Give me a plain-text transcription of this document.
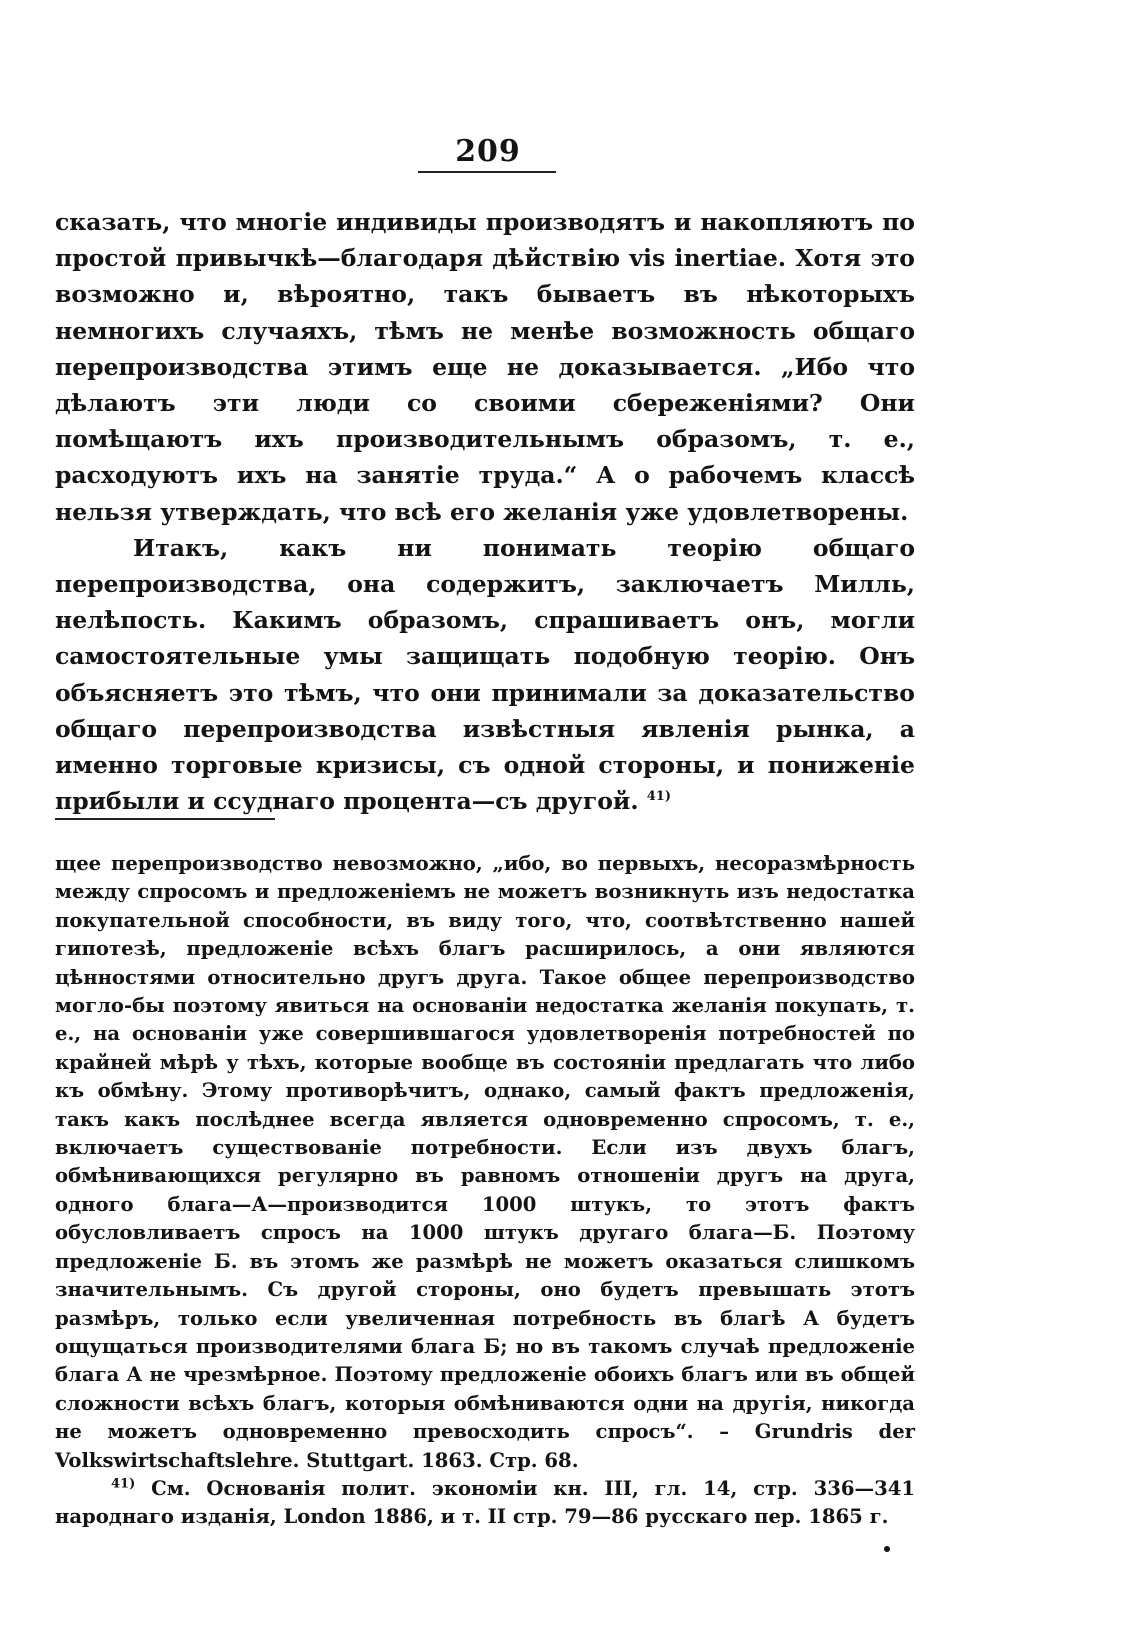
209

сказать, что многіе индивиды производятъ и накопляютъ по простой привычкѣ—благодаря дѣйствію vis inertiae. Хотя это возможно и, вѣроятно, такъ бываетъ въ нѣкоторыхъ немногихъ случаяхъ, тѣмъ не менѣе возможность общаго перепроизводства этимъ еще не доказывается. „Ибо что дѣлаютъ эти люди со своими сбереженіями? Они помѣщаютъ ихъ производительнымъ образомъ, т. е., расходуютъ ихъ на занятіе труда.“ А о рабочемъ классѣ нельзя утверждать, что всѣ его желанія уже удовлетворены.

Итакъ, какъ ни понимать теорію общаго перепроизводства, она содержитъ, заключаетъ Милль, нелѣпость. Какимъ образомъ, спрашиваетъ онъ, могли самостоятельные умы защищать подобную теорію. Онъ объясняетъ это тѣмъ, что они принимали за доказательство общаго перепроизводства извѣстныя явленія рынка, а именно торговые кризисы, съ одной стороны, и пониженіе прибыли и ссуднаго процента—съ другой. $^{41)}$

щее перепроизводство невозможно, „ибо, во первыхъ, несоразмѣрность между спросомъ и предложеніемъ не можетъ возникнуть изъ недостатка покупательной способности, въ виду того, что, соотвѣтственно нашей гипотезѣ, предложеніе всѣхъ благъ расширилось, а они являются цѣнностями относительно другъ друга. Такое общее перепроизводство могло-бы поэтому явиться на основаніи недостатка желанія покупать, т. е., на основаніи уже совершившагося удовлетворенія потребностей по крайней мѣрѣ у тѣхъ, которые вообще въ состояніи предлагать что либо къ обмѣну. Этому противорѣчитъ, однако, самый фактъ предложенія, такъ какъ послѣднее всегда является одновременно спросомъ, т. е., включаетъ существованіе потребности. Если изъ двухъ благъ, обмѣнивающихся регулярно въ равномъ отношеніи другъ на друга, одного блага—А—производится 1000 штукъ, то этотъ фактъ обусловливаетъ спросъ на 1000 штукъ другаго блага—Б. Поэтому предложеніе Б. въ этомъ же размѣрѣ не можетъ оказаться слишкомъ значительнымъ. Съ другой стороны, оно будетъ превышать этотъ размѣръ, только если увеличенная потребность въ благѣ А будетъ ощущаться производителями блага Б; но въ такомъ случаѣ предложеніе блага А не чрезмѣрное. Поэтому предложеніе обоихъ благъ или въ общей сложности всѣхъ благъ, которыя обмѣниваются одни на другія, никогда не можетъ одновременно превосходить спросъ“. – Grundris der Volkswirtschaftslehre. Stuttgart. 1863. Стр. 68.

$^{41)}$ См. Основанія полит. экономіи кн. III, гл. 14, стр. 336—341 народнаго изданія, London 1886, и т. II стр. 79—86 русскаго пер. 1865 г.
